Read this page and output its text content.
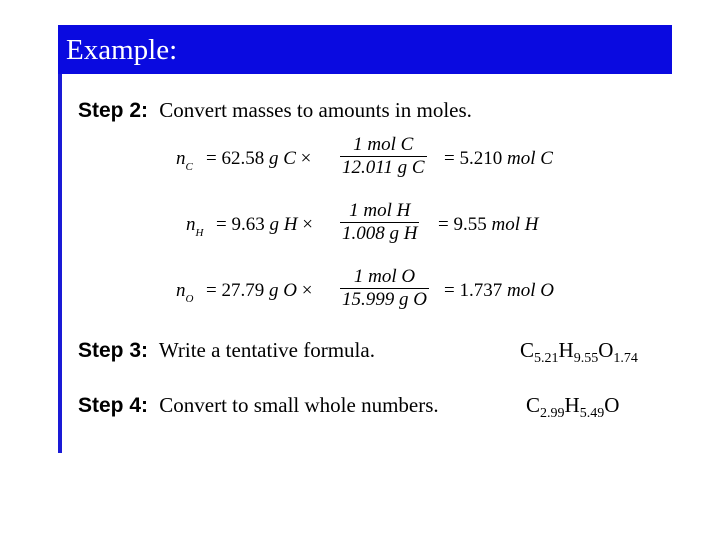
Example:
Step 2: Convert masses to amounts in moles.
$n_C = 62.58$ g C ×
1 mol C
12.011 g C = 5.210 mol C
$n_H = 9.63$ g H ×
1 mol H
1.008 g H = 9.55 mol H
$n_O = 27.79$ g O ×
1 mol O
15.999 g O = 1.737 mol O
Step 3: Write a tentative formula.	$C_{5.21}H_{9.55}O_{1.74}$
Step 4: Convert to small whole numbers.	$C_{2.99}H_{5.49}O$
